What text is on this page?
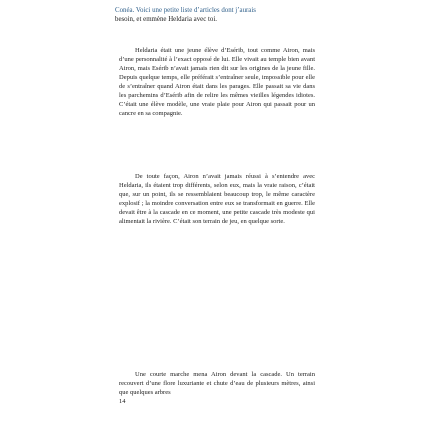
Conéa. Voici une petite liste d’articles dont j’aurais
besoin, et emmène Heldaria avec toi.

Heldaria était une jeune élève d’Esérib, tout comme Airon, mais d’une personnalité à l’exact opposé de lui. Elle vivait au temple bien avant Airon, mais Esérib n’avait jamais rien dit sur les origines de la jeune fille. Depuis quelque temps, elle préférait s’entraîner seule, impossible pour elle de s’entraîner quand Airon était dans les parages. Elle passait sa vie dans les parchemins d’Esérib afin de relire les mêmes vieilles légendes idiotes. C’était une élève modèle, une vraie plaie pour Airon qui passait pour un cancre en sa compagnie.

De toute façon, Airon n’avait jamais réussi à s’entendre avec Heldaria, ils étaient trop différents, selon eux, mais la vraie raison, c’était que, sur un point, ils se ressemblaient beaucoup trop, le même caractère explosif ; la moindre conversation entre eux se transformait en guerre. Elle devait être à la cascade en ce moment, une petite cascade très modeste qui alimentait la rivière. C’était son terrain de jeu, en quelque sorte.

Une courte marche mena Airon devant la cascade. Un terrain recouvert d’une flore luxuriante et chute d’eau de plusieurs mètres, ainsi que quelques arbres

14
